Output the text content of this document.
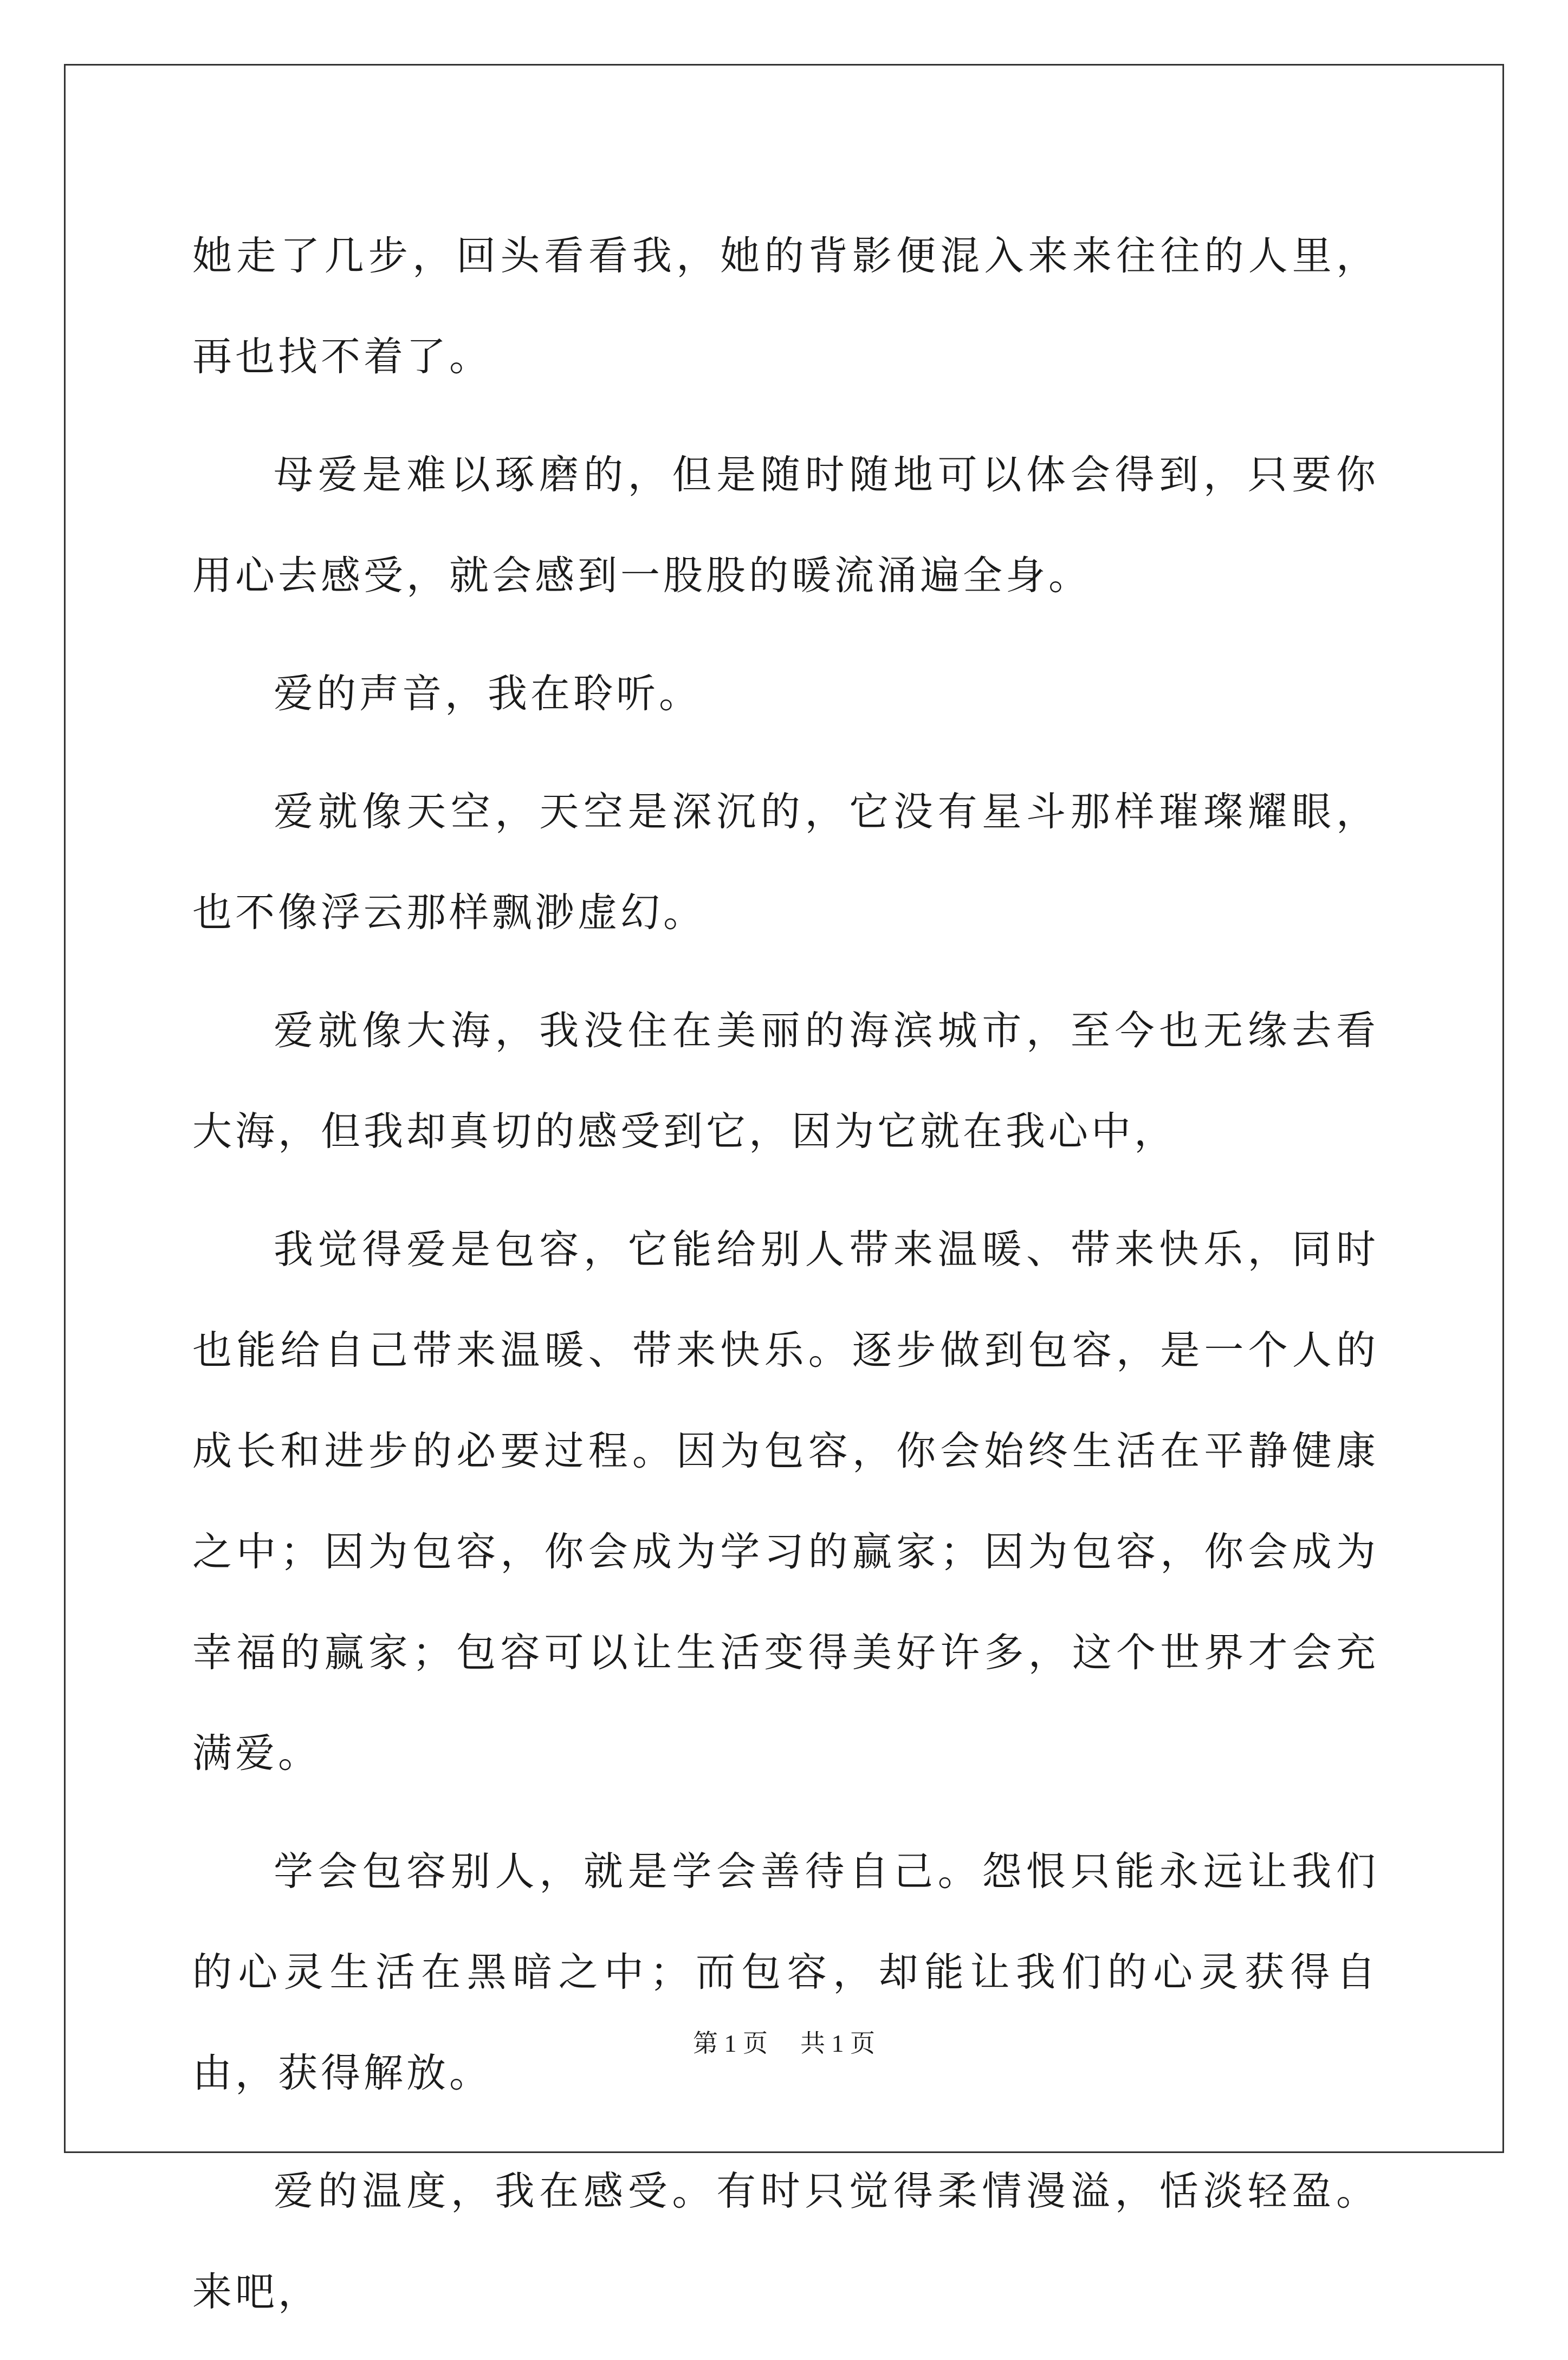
她走了几步，回头看看我，她的背影便混入来来往往的人里，再也找不着了。

母爱是难以琢磨的，但是随时随地可以体会得到，只要你用心去感受，就会感到一股股的暖流涌遍全身。

爱的声音，我在聆听。

爱就像天空，天空是深沉的，它没有星斗那样璀璨耀眼，也不像浮云那样飘渺虚幻。

爱就像大海，我没住在美丽的海滨城市，至今也无缘去看大海，但我却真切的感受到它，因为它就在我心中，

我觉得爱是包容，它能给别人带来温暖、带来快乐，同时也能给自己带来温暖、带来快乐。逐步做到包容，是一个人的成长和进步的必要过程。因为包容，你会始终生活在平静健康之中；因为包容，你会成为学习的赢家；因为包容，你会成为幸福的赢家；包容可以让生活变得美好许多，这个世界才会充满爱。

学会包容别人，就是学会善待自己。怨恨只能永远让我们的心灵生活在黑暗之中；而包容，却能让我们的心灵获得自由，获得解放。

爱的温度，我在感受。有时只觉得柔情漫溢，恬淡轻盈。来吧，

第 1 页 共 1 页
